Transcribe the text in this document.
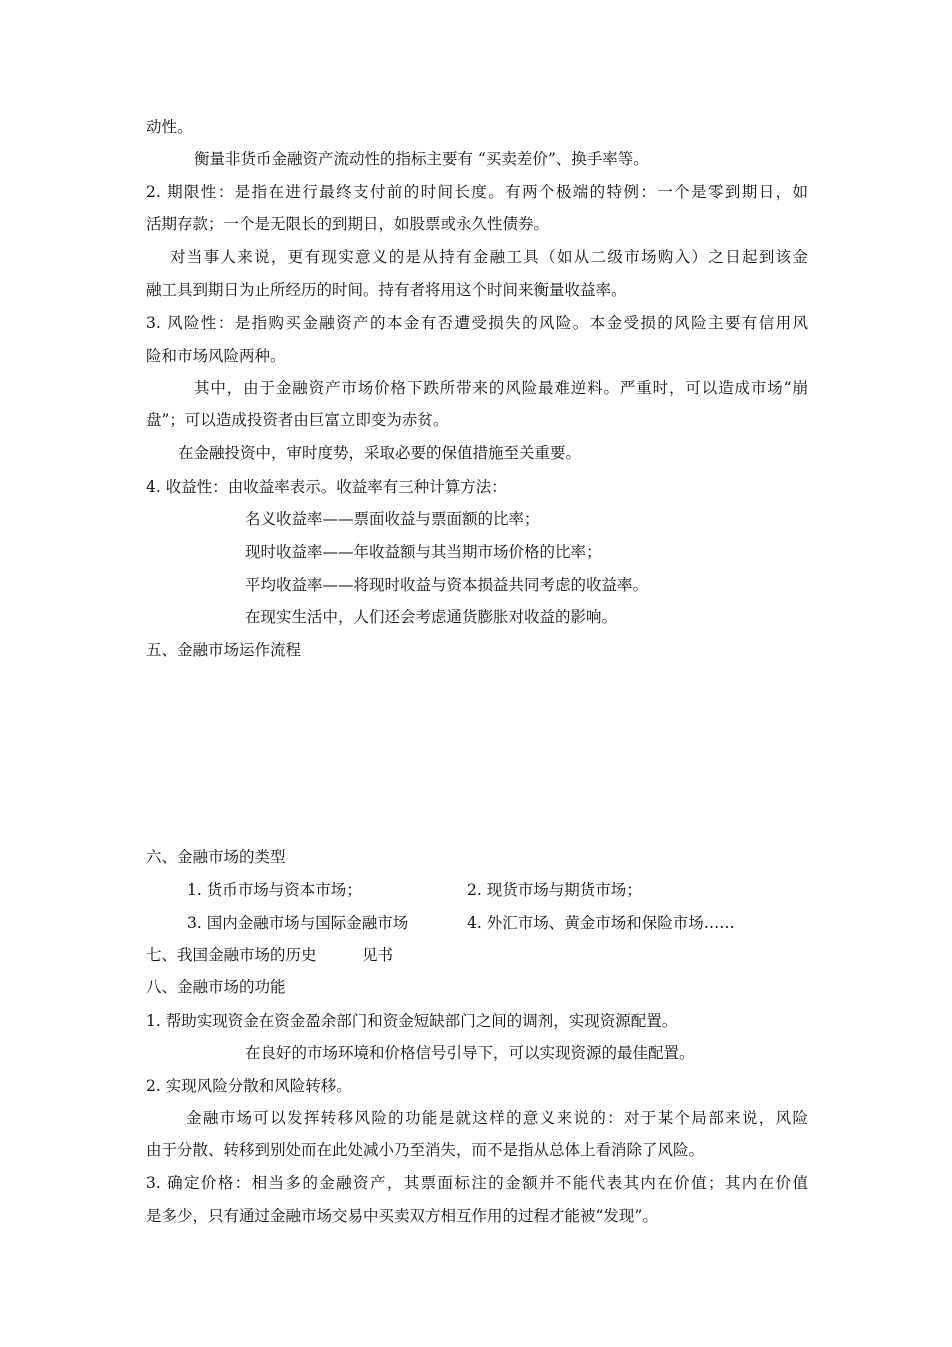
动性。
衡量非货币金融资产流动性的指标主要有 “买卖差价”、换手率等。
2. 期限性：是指在进行最终支付前的时间长度。有两个极端的特例：一个是零到期日，如
活期存款；一个是无限长的到期日，如股票或永久性债券。
对当事人来说，更有现实意义的是从持有金融工具（如从二级市场购入）之日起到该金
融工具到期日为止所经历的时间。持有者将用这个时间来衡量收益率。
3. 风险性：是指购买金融资产的本金有否遭受损失的风险。本金受损的风险主要有信用风
险和市场风险两种。
其中，由于金融资产市场价格下跌所带来的风险最难逆料。严重时，可以造成市场“崩
盘”；可以造成投资者由巨富立即变为赤贫。
在金融投资中，审时度势，采取必要的保值措施至关重要。
4. 收益性：由收益率表示。收益率有三种计算方法：
名义收益率——票面收益与票面额的比率；
现时收益率——年收益额与其当期市场价格的比率；
平均收益率——将现时收益与资本损益共同考虑的收益率。
在现实生活中，人们还会考虑通货膨胀对收益的影响。
五、金融市场运作流程
六、金融市场的类型
1. 货币市场与资本市场；	2. 现货市场与期货市场；
3. 国内金融市场与国际金融市场	4. 外汇市场、黄金市场和保险市场……
七、我国金融市场的历史	见书
八、金融市场的功能
1. 帮助实现资金在资金盈余部门和资金短缺部门之间的调剂，实现资源配置。
在良好的市场环境和价格信号引导下，可以实现资源的最佳配置。
2. 实现风险分散和风险转移。
金融市场可以发挥转移风险的功能是就这样的意义来说的：对于某个局部来说，风险
由于分散、转移到别处而在此处减小乃至消失，而不是指从总体上看消除了风险。
3. 确定价格：相当多的金融资产，其票面标注的金额并不能代表其内在价值；其内在价值
是多少，只有通过金融市场交易中买卖双方相互作用的过程才能被“发现”。
